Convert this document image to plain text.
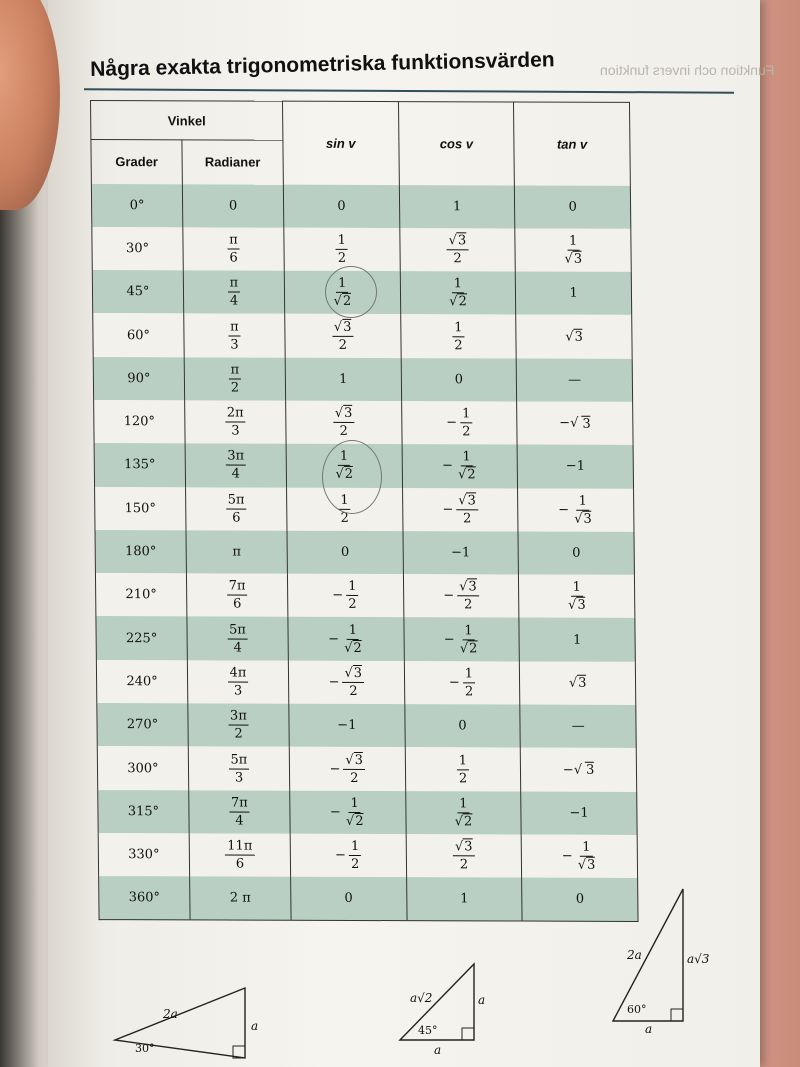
Funktion och invers funktion
Några exakta trigonometriska funktionsvärden
Vinkel		sin v	cos v	tan v
Grader	Radianer			
0°	0	0	1	0
30°	$\frac{\pi}{6}$	$\frac{1}{2}$	$\frac{√3}{2}$	$\frac{1}{√3}$

45°	$\frac{\pi}{4}$	$\frac{1}{√2}$	$\frac{1}{√2}$	1
60°	$\frac{\pi}{3}$	$\frac{√3}{2}$	$\frac{1}{2}$	√3
90°	$\frac{\pi}{2}$	1	0	—
120°	$\frac{2\pi}{3}$	$\frac{√3}{2}$	− $\frac{1}{2}$	−√ 3

135°	$\frac{3\pi}{4}$	$\frac{1}{√2}$	− $\frac{1}{√2}$	−1
150°	$\frac{5\pi}{6}$	$\frac{1}{2}$	− $\frac{√3}{2}$	− $\frac{1}{√3}$

180°	π	0	−1	0
210°	$\frac{7\pi}{6}$	− $\frac{1}{2}$	− $\frac{√3}{2}$	$\frac{1}{√3}$

225°	$\frac{5\pi}{4}$	− $\frac{1}{√2}$	− $\frac{1}{√2}$	1
240°	$\frac{4\pi}{3}$	− $\frac{√3}{2}$	− $\frac{1}{2}$	√3
270°	$\frac{3\pi}{2}$	−1	0	—
300°	$\frac{5\pi}{3}$	− $\frac{√3}{2}$	$\frac{1}{2}$	−√ 3

315°	$\frac{7\pi}{4}$	− $\frac{1}{√2}$	$\frac{1}{√2}$	−1
330°	$\frac{11\pi}{6}$	− $\frac{1}{2}$	$\frac{√3}{2}$	− $\frac{1}{√3}$

360°	2 π	0	1	0
2a
a
30°
a√2	a
a
45°
2a	a√3
a
60°
